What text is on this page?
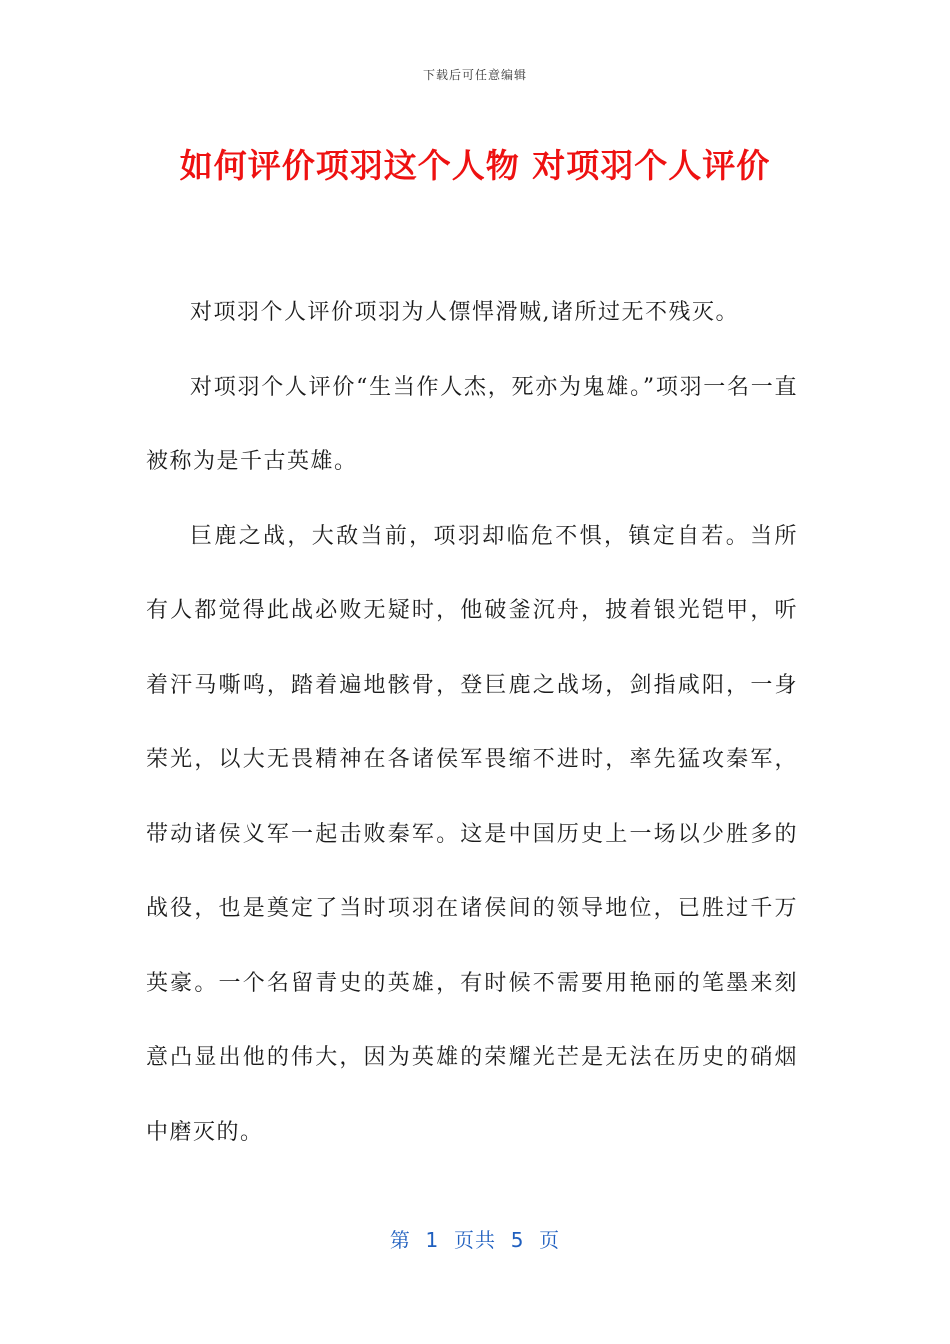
下载后可任意编辑
如何评价项羽这个人物 对项羽个人评价

对项羽个人评价项羽为人僄悍滑贼,诸所过无不残灭。

对项羽个人评价“生当作人杰，死亦为鬼雄。”项羽一名一直被称为是千古英雄。

巨鹿之战，大敌当前，项羽却临危不惧，镇定自若。当所有人都觉得此战必败无疑时，他破釜沉舟，披着银光铠甲，听着汗马嘶鸣，踏着遍地骸骨，登巨鹿之战场，剑指咸阳，一身荣光，以大无畏精神在各诸侯军畏缩不进时，率先猛攻秦军，带动诸侯义军一起击败秦军。这是中国历史上一场以少胜多的战役，也是奠定了当时项羽在诸侯间的领导地位，已胜过千万英豪。一个名留青史的英雄，有时候不需要用艳丽的笔墨来刻意凸显出他的伟大，因为英雄的荣耀光芒是无法在历史的硝烟中磨灭的。

第  1  页共  5  页
